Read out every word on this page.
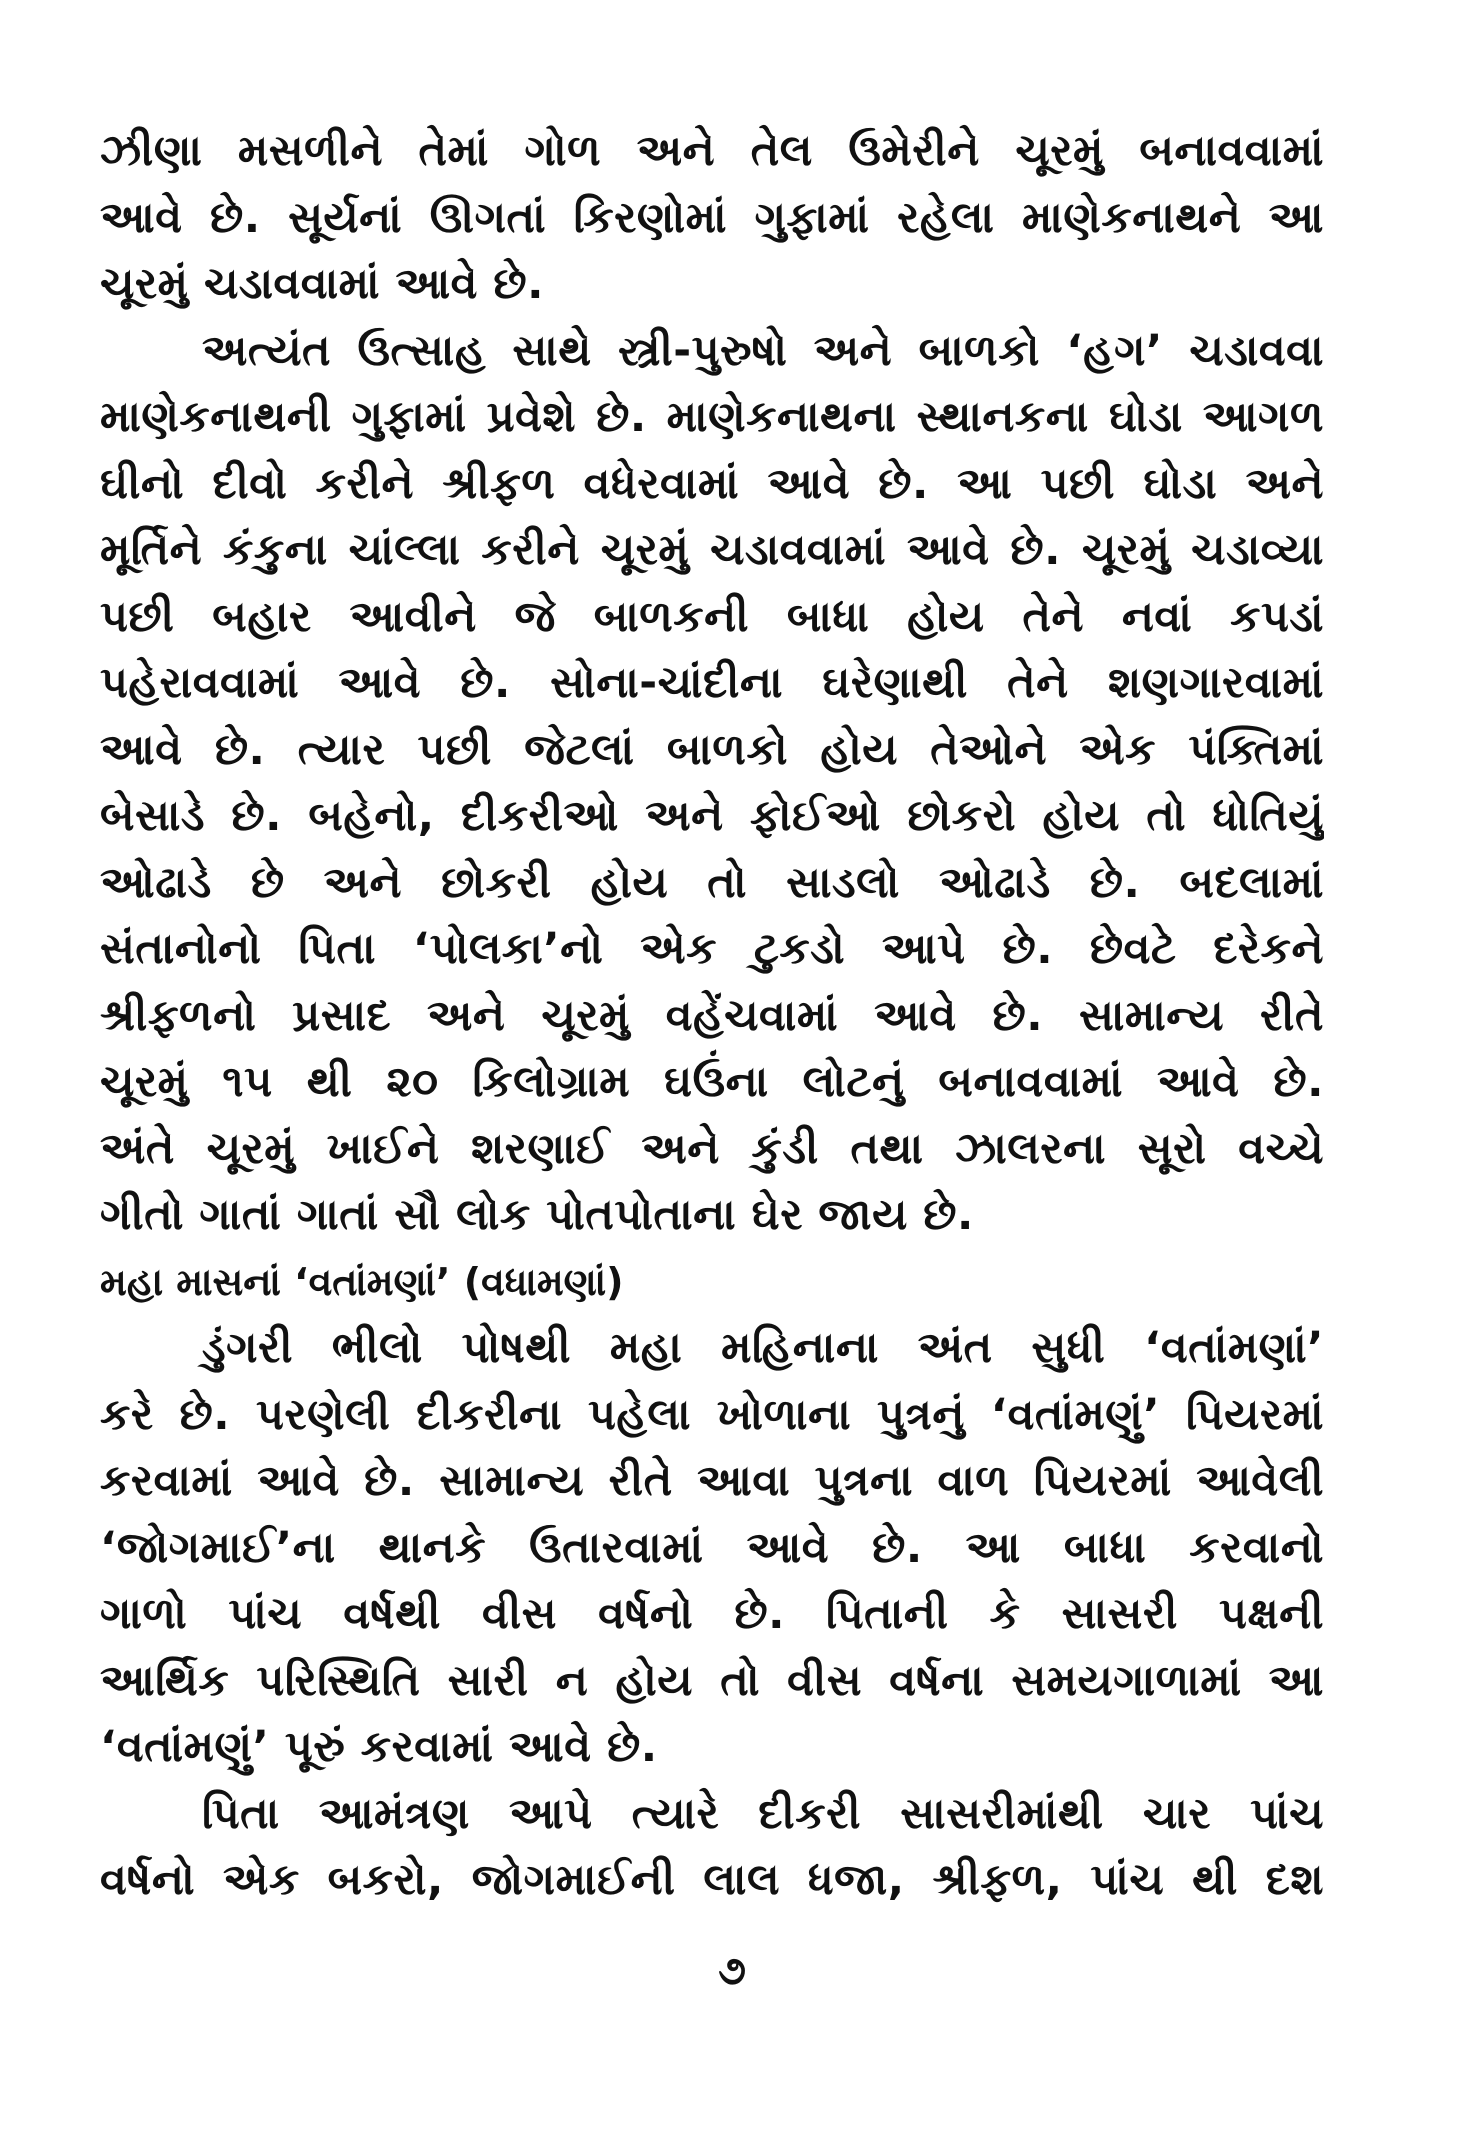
ઝીણા મસળીને તેમાં ગોળ અને તેલ ઉમેરીને ચૂરમું બનાવવામાં
આવે છે. સૂર્યનાં ઊગતાં કિરણોમાં ગુફામાં રહેલા માણેકનાથને આ
ચૂરમું ચડાવવામાં આવે છે.
અત્યંત ઉત્સાહ સાથે સ્ત્રી-પુરુષો અને બાળકો ‘હગ’ ચડાવવા
માણેકનાથની ગુફામાં પ્રવેશે છે. માણેકનાથના સ્થાનકના ઘોડા આગળ
ઘીનો દીવો કરીને શ્રીફળ વધેરવામાં આવે છે. આ પછી ઘોડા અને
મૂર્તિને કંકુના ચાંલ્લા કરીને ચૂરમું ચડાવવામાં આવે છે. ચૂરમું ચડાવ્યા
પછી બહાર આવીને જે બાળકની બાધા હોય તેને નવાં કપડાં
પહેરાવવામાં આવે છે. સોના-ચાંદીના ઘરેણાથી તેને શણગારવામાં
આવે છે. ત્યાર પછી જેટલાં બાળકો હોય તેઓને એક પંક્તિમાં
બેસાડે છે. બહેનો, દીકરીઓ અને ફોઈઓ છોકરો હોય તો ધોતિયું
ઓઢાડે છે અને છોકરી હોય તો સાડલો ઓઢાડે છે. બદલામાં
સંતાનોનો પિતા ‘પોલકા’નો એક ટુકડો આપે છે. છેવટે દરેકને
શ્રીફળનો પ્રસાદ અને ચૂરમું વહેંચવામાં આવે છે. સામાન્ય રીતે
ચૂરમું ૧૫ થી ૨૦ કિલોગ્રામ ઘઉંના લોટનું બનાવવામાં આવે છે.
અંતે ચૂરમું ખાઈને શરણાઈ અને કુંડી તથા ઝાલરના સૂરો વચ્ચે
ગીતો ગાતાં ગાતાં સૌ લોક પોતપોતાના ઘેર જાય છે.
મહા માસનાં ‘વતાંમણાં’ (વધામણાં)
ડુંગરી ભીલો પોષથી મહા મહિનાના અંત સુધી ‘વતાંમણાં’
કરે છે. પરણેલી દીકરીના પહેલા ખોળાના પુત્રનું ‘વતાંમણું’ પિયરમાં
કરવામાં આવે છે. સામાન્ય રીતે આવા પુત્રના વાળ પિયરમાં આવેલી
‘જોગમાઈ’ના થાનકે ઉતારવામાં આવે છે. આ બાધા કરવાનો
ગાળો પાંચ વર્ષથી વીસ વર્ષનો છે. પિતાની કે સાસરી પક્ષની
આર્થિક પરિસ્થિતિ સારી ન હોય તો વીસ વર્ષના સમયગાળામાં આ
‘વતાંમણું’ પૂરું કરવામાં આવે છે.
પિતા આમંત્રણ આપે ત્યારે દીકરી સાસરીમાંથી ચાર પાંચ
વર્ષનો એક બકરો, જોગમાઈની લાલ ધજા, શ્રીફળ, પાંચ થી દશ
૭
